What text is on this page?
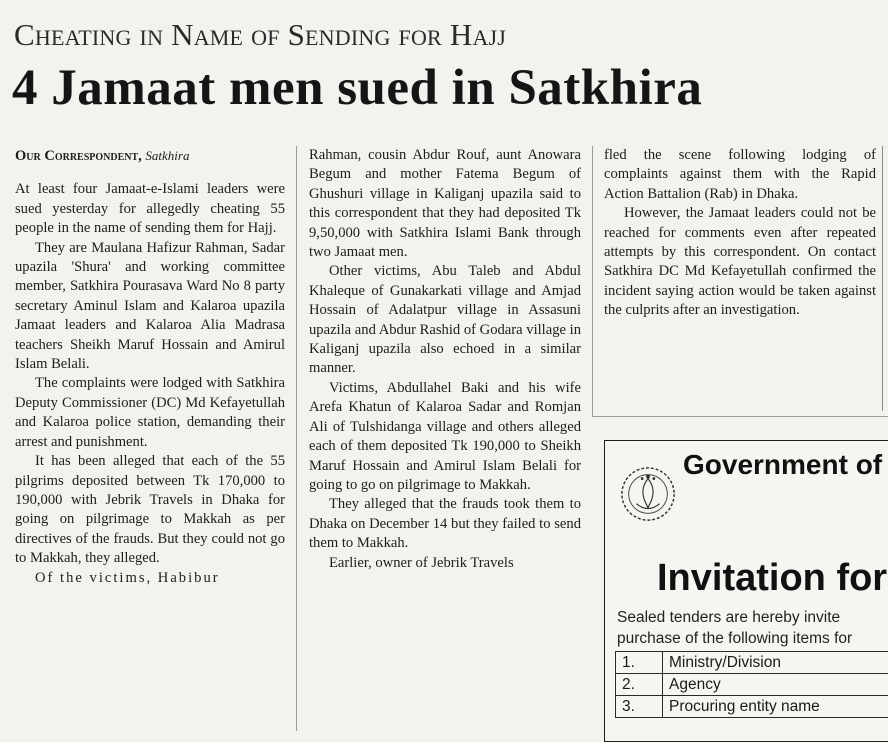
Cheating in Name of Sending for Hajj
4 Jamaat men sued in Satkhira
Our Correspondent, Satkhira

At least four Jamaat-e-Islami leaders were sued yesterday for allegedly cheating 55 people in the name of sending them for Hajj.

They are Maulana Hafizur Rahman, Sadar upazila 'Shura' and working committee member, Satkhira Pourasava Ward No 8 party secretary Aminul Islam and Kalaroa upazila Jamaat leaders and Kalaroa Alia Madrasa teachers Sheikh Maruf Hossain and Amirul Islam Belali.

The complaints were lodged with Satkhira Deputy Commissioner (DC) Md Kefayetullah and Kalaroa police station, demanding their arrest and punishment.

It has been alleged that each of the 55 pilgrims deposited between Tk 170,000 to 190,000 with Jebrik Travels in Dhaka for going on pilgrimage to Makkah as per directives of the frauds. But they could not go to Makkah, they alleged.

Of the victims, Habibur

Rahman, cousin Abdur Rouf, aunt Anowara Begum and mother Fatema Begum of Ghushuri village in Kaliganj upazila said to this correspondent that they had deposited Tk 9,50,000 with Satkhira Islami Bank through two Jamaat men.

Other victims, Abu Taleb and Abdul Khaleque of Gunakarkati village and Amjad Hossain of Adalatpur village in Assasuni upazila and Abdur Rashid of Godara village in Kaliganj upazila also echoed in a similar manner.

Victims, Abdullahel Baki and his wife Arefa Khatun of Kalaroa Sadar and Romjan Ali of Tulshidanga village and others alleged each of them deposited Tk 190,000 to Sheikh Maruf Hossain and Amirul Islam Belali for going to go on pilgrimage to Makkah.

They alleged that the frauds took them to Dhaka on December 14 but they failed to send them to Makkah.

Earlier, owner of Jebrik Travels

fled the scene following lodging of complaints against them with the Rapid Action Battalion (Rab) in Dhaka.

However, the Jamaat leaders could not be reached for comments even after repeated attempts by this correspondent. On contact Satkhira DC Md Kefayetullah confirmed the incident saying action would be taken against the culprits after an investigation.

Government of
Invitation for
Sealed tenders are hereby invite
purchase of the following items for
1.	Ministry/Division
2.	Agency
3.	Procuring entity name
